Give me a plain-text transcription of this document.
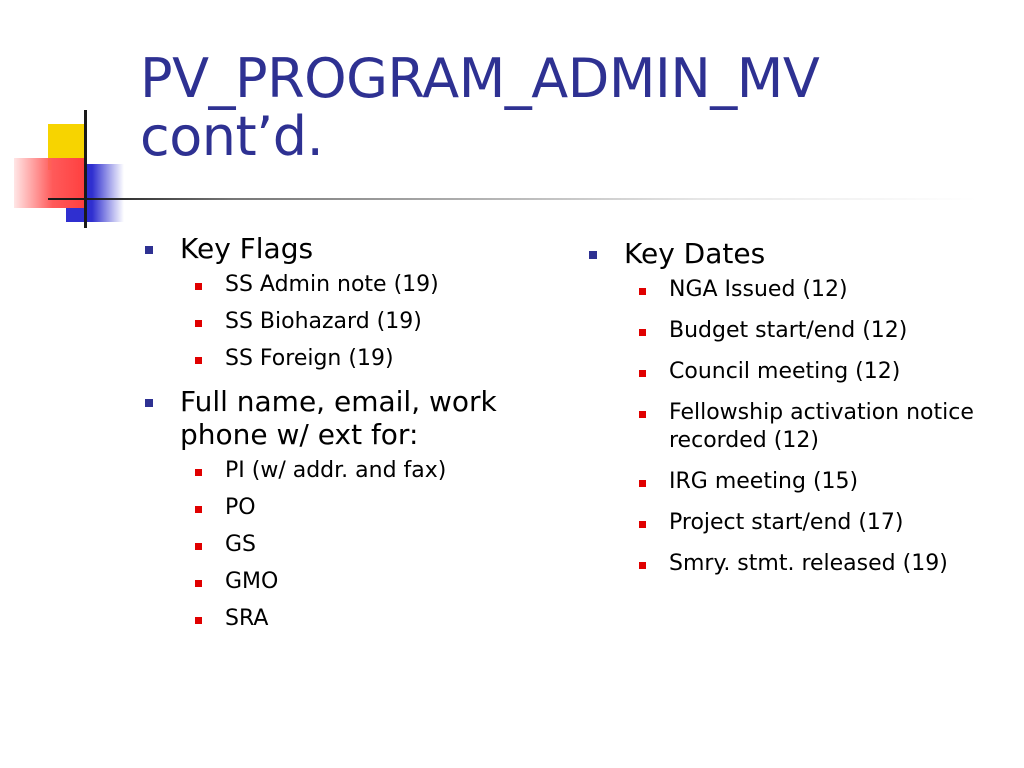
PV_PROGRAM_ADMIN_MV
cont’d.
Key Flags
SS Admin note (19)
SS Biohazard (19)
SS Foreign (19)
Full name, email, work phone w/ ext for:
PI (w/ addr. and fax)
PO
GS
GMO
SRA
Key Dates
NGA Issued (12)
Budget start/end (12)
Council meeting (12)
Fellowship activation notice recorded (12)
IRG meeting (15)
Project start/end (17)
Smry. stmt. released (19)
